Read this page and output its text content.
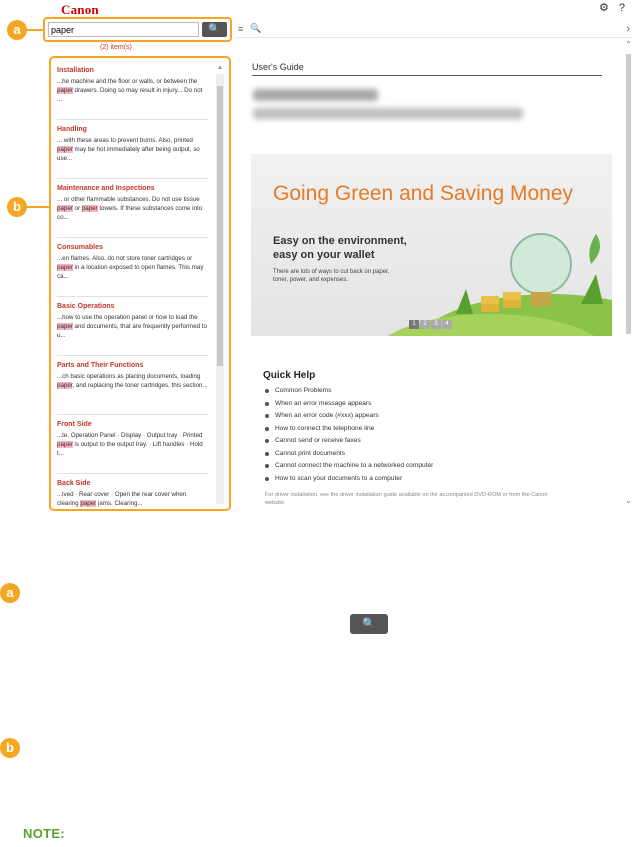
Canon	⚙ ?
a
paper	🔍	≡ 🔍	›
(2) item(s)
b
Installation
...he machine and the floor or walls, or between the paper drawers. Doing so may result in injury... Do not ...
Handling
... with these areas to prevent burns. Also, printed paper may be hot immediately after being output, so use...
Maintenance and Inspections
... or other flammable substances. Do not use tissue paper or paper towels. If these substances come into co...
Consumables
...en flames. Also, do not store toner cartridges or paper in a location exposed to open flames. This may ca...
Basic Operations
...how to use the operation panel or how to load the paper and documents, that are frequently performed to u...
Parts and Their Functions
...ch basic operations as placing documents, loading paper, and replacing the toner cartridges, this section...
Front Side
...te. Operation Panel · Display · Output tray · Printed paper is output to the output tray. · Lift handles · Hold t...
Back Side
...lved · Rear cover · Open the rear cover when clearing paper jams. Clearing...
▲	User's Guide
Going Green and Saving Money
Easy on the environment,
easy on your wallet
There are lots of ways to cut back on paper, toner, power, and expenses.
1	2	3	4
Quick Help
Common Problems
When an error message appears
When an error code (#xxx) appears
How to connect the telephone line
Cannot send or receive faxes
Cannot print documents
Cannot connect the machine to a networked computer
How to scan your documents to a computer
For driver installation, see the driver installation guide available on the accompanied DVD-ROM or from the Canon website.
⌃
⌄
a
🔍
b
NOTE:
